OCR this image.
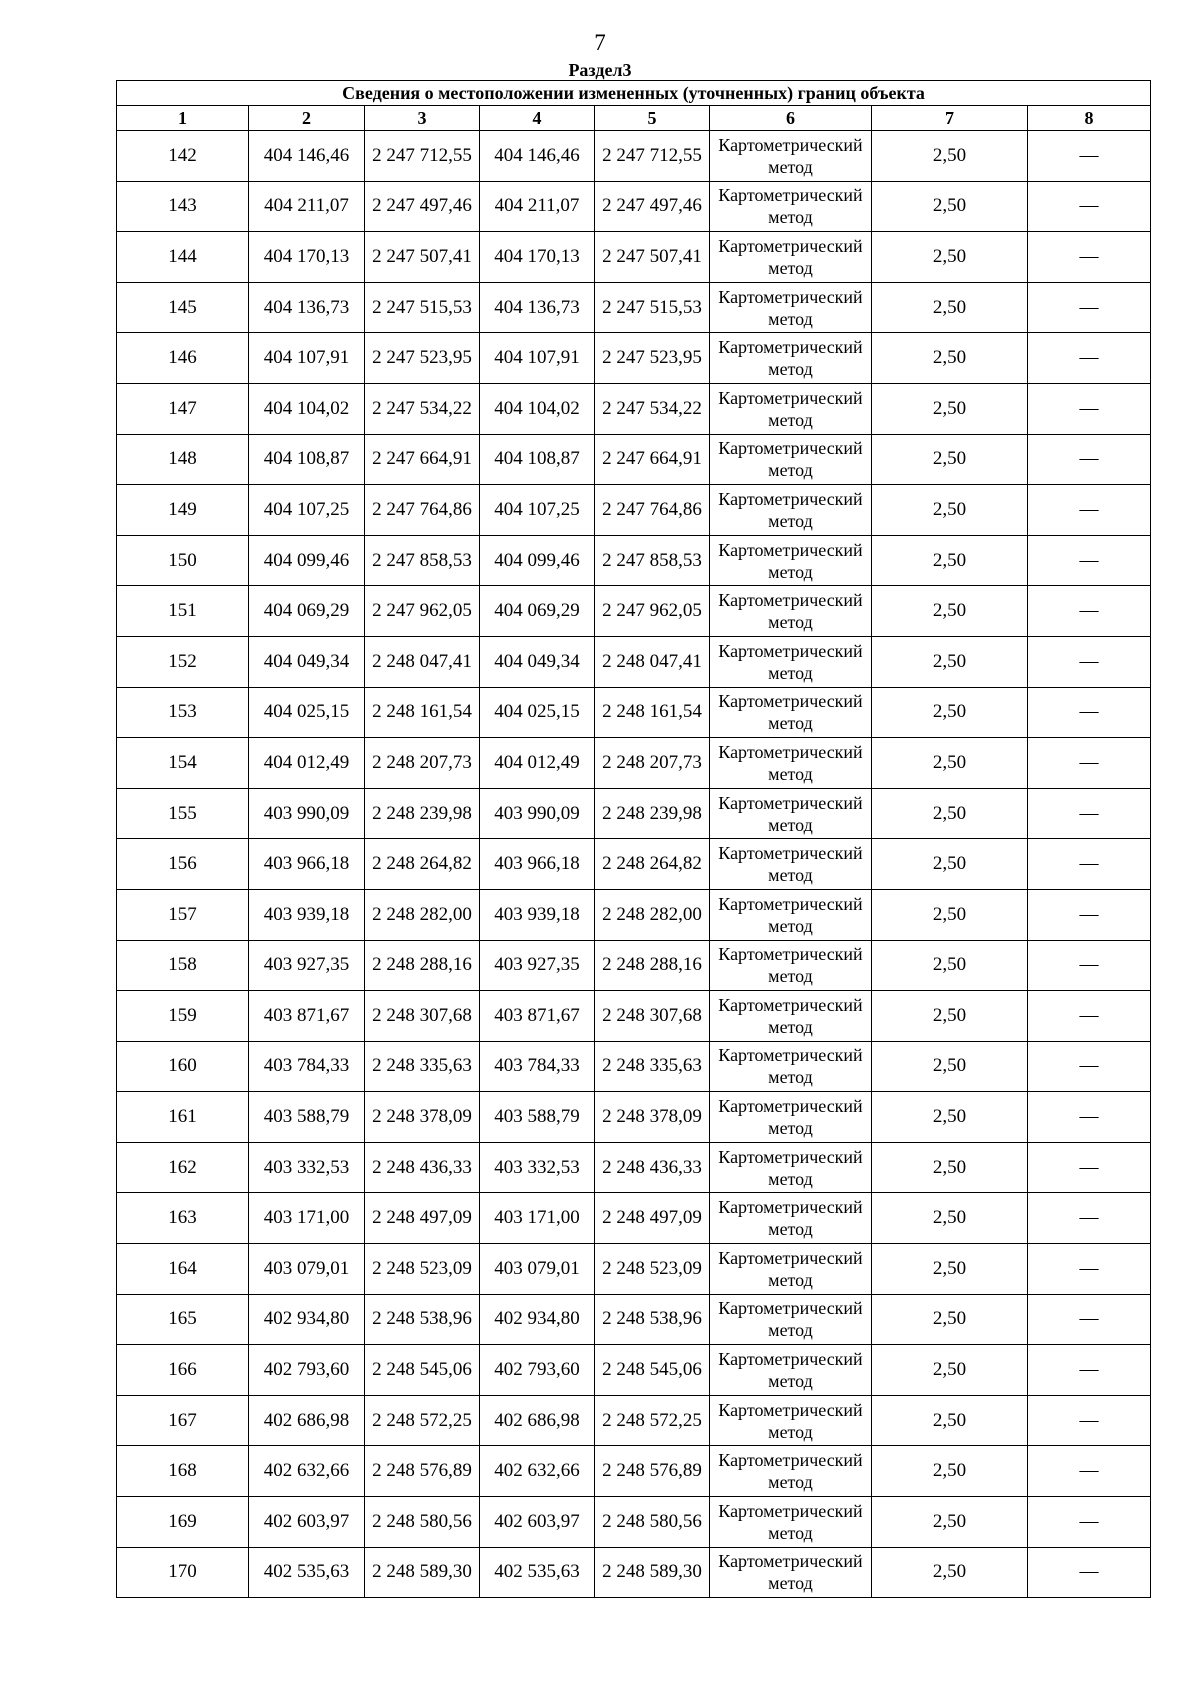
7
Раздел3
Сведения о местоположении измененных (уточненных) границ объекта							
1	2	3	4	5	6	7	8
142	404 146,46	2 247 712,55	404 146,46	2 247 712,55	Картометрический метод	2,50	—
143	404 211,07	2 247 497,46	404 211,07	2 247 497,46	Картометрический метод	2,50	—
144	404 170,13	2 247 507,41	404 170,13	2 247 507,41	Картометрический метод	2,50	—
145	404 136,73	2 247 515,53	404 136,73	2 247 515,53	Картометрический метод	2,50	—
146	404 107,91	2 247 523,95	404 107,91	2 247 523,95	Картометрический метод	2,50	—
147	404 104,02	2 247 534,22	404 104,02	2 247 534,22	Картометрический метод	2,50	—
148	404 108,87	2 247 664,91	404 108,87	2 247 664,91	Картометрический метод	2,50	—
149	404 107,25	2 247 764,86	404 107,25	2 247 764,86	Картометрический метод	2,50	—
150	404 099,46	2 247 858,53	404 099,46	2 247 858,53	Картометрический метод	2,50	—
151	404 069,29	2 247 962,05	404 069,29	2 247 962,05	Картометрический метод	2,50	—
152	404 049,34	2 248 047,41	404 049,34	2 248 047,41	Картометрический метод	2,50	—
153	404 025,15	2 248 161,54	404 025,15	2 248 161,54	Картометрический метод	2,50	—
154	404 012,49	2 248 207,73	404 012,49	2 248 207,73	Картометрический метод	2,50	—
155	403 990,09	2 248 239,98	403 990,09	2 248 239,98	Картометрический метод	2,50	—
156	403 966,18	2 248 264,82	403 966,18	2 248 264,82	Картометрический метод	2,50	—
157	403 939,18	2 248 282,00	403 939,18	2 248 282,00	Картометрический метод	2,50	—
158	403 927,35	2 248 288,16	403 927,35	2 248 288,16	Картометрический метод	2,50	—
159	403 871,67	2 248 307,68	403 871,67	2 248 307,68	Картометрический метод	2,50	—
160	403 784,33	2 248 335,63	403 784,33	2 248 335,63	Картометрический метод	2,50	—
161	403 588,79	2 248 378,09	403 588,79	2 248 378,09	Картометрический метод	2,50	—
162	403 332,53	2 248 436,33	403 332,53	2 248 436,33	Картометрический метод	2,50	—
163	403 171,00	2 248 497,09	403 171,00	2 248 497,09	Картометрический метод	2,50	—
164	403 079,01	2 248 523,09	403 079,01	2 248 523,09	Картометрический метод	2,50	—
165	402 934,80	2 248 538,96	402 934,80	2 248 538,96	Картометрический метод	2,50	—
166	402 793,60	2 248 545,06	402 793,60	2 248 545,06	Картометрический метод	2,50	—
167	402 686,98	2 248 572,25	402 686,98	2 248 572,25	Картометрический метод	2,50	—
168	402 632,66	2 248 576,89	402 632,66	2 248 576,89	Картометрический метод	2,50	—
169	402 603,97	2 248 580,56	402 603,97	2 248 580,56	Картометрический метод	2,50	—
170	402 535,63	2 248 589,30	402 535,63	2 248 589,30	Картометрический метод	2,50	—
